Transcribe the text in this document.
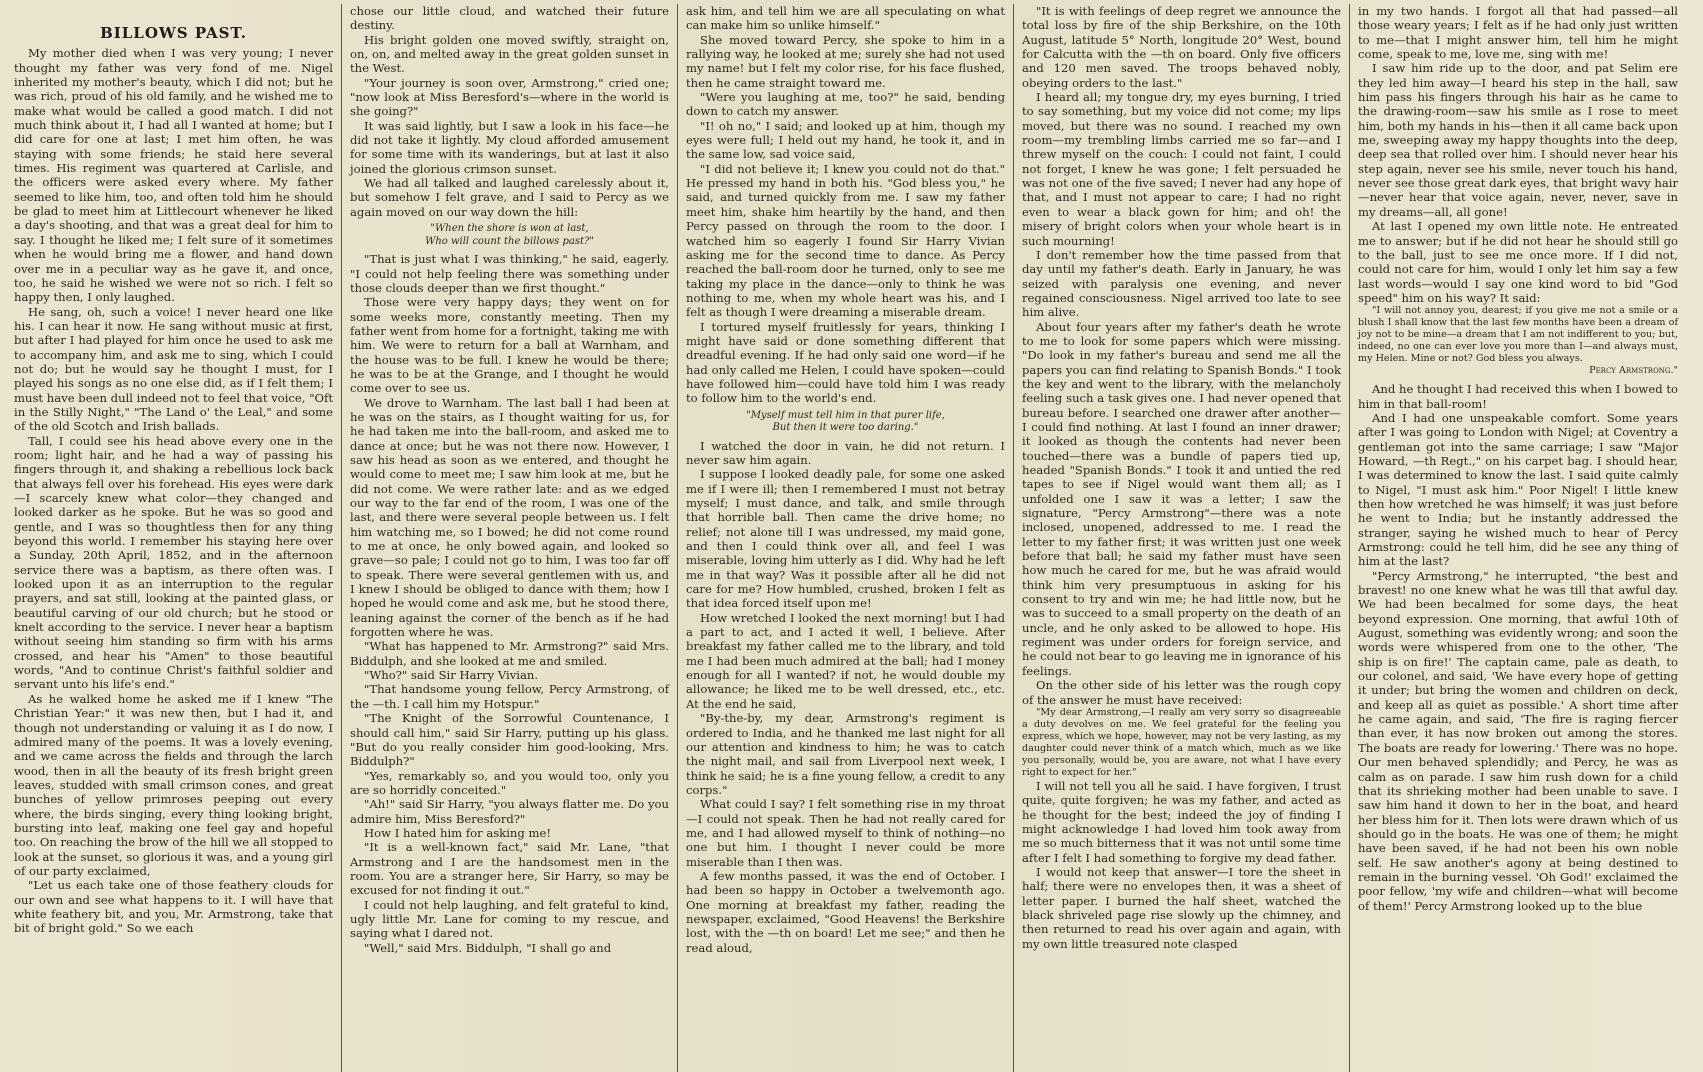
BILLOWS PAST.

My mother died when I was very young; I never thought my father was very fond of me. Nigel inherited my mother's beauty, which I did not; but he was rich, proud of his old family, and he wished me to make what would be called a good match. I did not much think about it, I had all I wanted at home; but I did care for one at last; I met him often, he was staying with some friends; he staid here several times. His regiment was quartered at Carlisle, and the officers were asked every where. My father seemed to like him, too, and often told him he should be glad to meet him at Littlecourt whenever he liked a day's shooting, and that was a great deal for him to say. I thought he liked me; I felt sure of it sometimes when he would bring me a flower, and hand down over me in a peculiar way as he gave it, and once, too, he said he wished we were not so rich. I felt so happy then, I only laughed.

He sang, oh, such a voice! I never heard one like his. I can hear it now. He sang without music at first, but after I had played for him once he used to ask me to accompany him, and ask me to sing, which I could not do; but he would say he thought I must, for I played his songs as no one else did, as if I felt them; I must have been dull indeed not to feel that voice, "Oft in the Stilly Night," "The Land o' the Leal," and some of the old Scotch and Irish ballads.

Tall, I could see his head above every one in the room; light hair, and he had a way of passing his fingers through it, and shaking a rebellious lock back that always fell over his forehead. His eyes were dark—I scarcely knew what color—they changed and looked darker as he spoke. But he was so good and gentle, and I was so thoughtless then for any thing beyond this world. I remember his staying here over a Sunday, 20th April, 1852, and in the afternoon service there was a baptism, as there often was. I looked upon it as an interruption to the regular prayers, and sat still, looking at the painted glass, or beautiful carving of our old church; but he stood or knelt according to the service. I never hear a baptism without seeing him standing so firm with his arms crossed, and hear his "Amen" to those beautiful words, "And to continue Christ's faithful soldier and servant unto his life's end."

As he walked home he asked me if I knew "The Christian Year:" it was new then, but I had it, and though not understanding or valuing it as I do now, I admired many of the poems. It was a lovely evening, and we came across the fields and through the larch wood, then in all the beauty of its fresh bright green leaves, studded with small crimson cones, and great bunches of yellow primroses peeping out every where, the birds singing, every thing looking bright, bursting into leaf, making one feel gay and hopeful too. On reaching the brow of the hill we all stopped to look at the sunset, so glorious it was, and a young girl of our party exclaimed,

"Let us each take one of those feathery clouds for our own and see what happens to it. I will have that white feathery bit, and you, Mr. Armstrong, take that bit of bright gold." So we each

chose our little cloud, and watched their future destiny.

His bright golden one moved swiftly, straight on, on, on, and melted away in the great golden sunset in the West.

"Your journey is soon over, Armstrong," cried one; "now look at Miss Beresford's—where in the world is she going?"

It was said lightly, but I saw a look in his face—he did not take it lightly. My cloud afforded amusement for some time with its wanderings, but at last it also joined the glorious crimson sunset.

We had all talked and laughed carelessly about it, but somehow I felt grave, and I said to Percy as we again moved on our way down the hill:

"When the shore is won at last,
Who will count the billows past?"

"That is just what I was thinking," he said, eagerly. "I could not help feeling there was something under those clouds deeper than we first thought."

Those were very happy days; they went on for some weeks more, constantly meeting. Then my father went from home for a fortnight, taking me with him. We were to return for a ball at Warnham, and the house was to be full. I knew he would be there; he was to be at the Grange, and I thought he would come over to see us.

We drove to Warnham. The last ball I had been at he was on the stairs, as I thought waiting for us, for he had taken me into the ball-room, and asked me to dance at once; but he was not there now. However, I saw his head as soon as we entered, and thought he would come to meet me; I saw him look at me, but he did not come. We were rather late: and as we edged our way to the far end of the room, I was one of the last, and there were several people between us. I felt him watching me, so I bowed; he did not come round to me at once, he only bowed again, and looked so grave—so pale; I could not go to him, I was too far off to speak. There were several gentlemen with us, and I knew I should be obliged to dance with them; how I hoped he would come and ask me, but he stood there, leaning against the corner of the bench as if he had forgotten where he was.

"What has happened to Mr. Armstrong?" said Mrs. Biddulph, and she looked at me and smiled.

"Who?" said Sir Harry Vivian.

"That handsome young fellow, Percy Armstrong, of the —th. I call him my Hotspur."

"The Knight of the Sorrowful Countenance, I should call him," said Sir Harry, putting up his glass. "But do you really consider him good-looking, Mrs. Biddulph?"

"Yes, remarkably so, and you would too, only you are so horridly conceited."

"Ah!" said Sir Harry, "you always flatter me. Do you admire him, Miss Beresford?"

How I hated him for asking me!

"It is a well-known fact," said Mr. Lane, "that Armstrong and I are the handsomest men in the room. You are a stranger here, Sir Harry, so may be excused for not finding it out."

I could not help laughing, and felt grateful to kind, ugly little Mr. Lane for coming to my rescue, and saying what I dared not.

"Well," said Mrs. Biddulph, "I shall go and

ask him, and tell him we are all speculating on what can make him so unlike himself."

She moved toward Percy, she spoke to him in a rallying way, he looked at me; surely she had not used my name! but I felt my color rise, for his face flushed, then he came straight toward me.

"Were you laughing at me, too?" he said, bending down to catch my answer.

"I! oh no," I said; and looked up at him, though my eyes were full; I held out my hand, he took it, and in the same low, sad voice said,

"I did not believe it; I knew you could not do that." He pressed my hand in both his. "God bless you," he said, and turned quickly from me. I saw my father meet him, shake him heartily by the hand, and then Percy passed on through the room to the door. I watched him so eagerly I found Sir Harry Vivian asking me for the second time to dance. As Percy reached the ball-room door he turned, only to see me taking my place in the dance—only to think he was nothing to me, when my whole heart was his, and I felt as though I were dreaming a miserable dream.

I tortured myself fruitlessly for years, thinking I might have said or done something different that dreadful evening. If he had only said one word—if he had only called me Helen, I could have spoken—could have followed him—could have told him I was ready to follow him to the world's end.

"Myself must tell him in that purer life,
But then it were too daring."

I watched the door in vain, he did not return. I never saw him again.

I suppose I looked deadly pale, for some one asked me if I were ill; then I remembered I must not betray myself; I must dance, and talk, and smile through that horrible ball. Then came the drive home; no relief; not alone till I was undressed, my maid gone, and then I could think over all, and feel I was miserable, loving him utterly as I did. Why had he left me in that way? Was it possible after all he did not care for me? How humbled, crushed, broken I felt as that idea forced itself upon me!

How wretched I looked the next morning! but I had a part to act, and I acted it well, I believe. After breakfast my father called me to the library, and told me I had been much admired at the ball; had I money enough for all I wanted? if not, he would double my allowance; he liked me to be well dressed, etc., etc. At the end he said,

"By-the-by, my dear, Armstrong's regiment is ordered to India, and he thanked me last night for all our attention and kindness to him; he was to catch the night mail, and sail from Liverpool next week, I think he said; he is a fine young fellow, a credit to any corps."

What could I say? I felt something rise in my throat—I could not speak. Then he had not really cared for me, and I had allowed myself to think of nothing—no one but him. I thought I never could be more miserable than I then was.

A few months passed, it was the end of October. I had been so happy in October a twelvemonth ago. One morning at breakfast my father, reading the newspaper, exclaimed, "Good Heavens! the Berkshire lost, with the —th on board! Let me see;" and then he read aloud,

"It is with feelings of deep regret we announce the total loss by fire of the ship Berkshire, on the 10th August, latitude 5° North, longitude 20° West, bound for Calcutta with the —th on board. Only five officers and 120 men saved. The troops behaved nobly, obeying orders to the last."

I heard all; my tongue dry, my eyes burning, I tried to say something, but my voice did not come; my lips moved, but there was no sound. I reached my own room—my trembling limbs carried me so far—and I threw myself on the couch: I could not faint, I could not forget, I knew he was gone; I felt persuaded he was not one of the five saved; I never had any hope of that, and I must not appear to care; I had no right even to wear a black gown for him; and oh! the misery of bright colors when your whole heart is in such mourning!

I don't remember how the time passed from that day until my father's death. Early in January, he was seized with paralysis one evening, and never regained consciousness. Nigel arrived too late to see him alive.

About four years after my father's death he wrote to me to look for some papers which were missing. "Do look in my father's bureau and send me all the papers you can find relating to Spanish Bonds." I took the key and went to the library, with the melancholy feeling such a task gives one. I had never opened that bureau before. I searched one drawer after another—I could find nothing. At last I found an inner drawer; it looked as though the contents had never been touched—there was a bundle of papers tied up, headed "Spanish Bonds." I took it and untied the red tapes to see if Nigel would want them all; as I unfolded one I saw it was a letter; I saw the signature, "Percy Armstrong"—there was a note inclosed, unopened, addressed to me. I read the letter to my father first; it was written just one week before that ball; he said my father must have seen how much he cared for me, but he was afraid would think him very presumptuous in asking for his consent to try and win me; he had little now, but he was to succeed to a small property on the death of an uncle, and he only asked to be allowed to hope. His regiment was under orders for foreign service, and he could not bear to go leaving me in ignorance of his feelings.

On the other side of his letter was the rough copy of the answer he must have received:

"My dear Armstrong,—I really am very sorry so disagreeable a duty devolves on me. We feel grateful for the feeling you express, which we hope, however, may not be very lasting, as my daughter could never think of a match which, much as we like you personally, would be, you are aware, not what I have every right to expect for her."

I will not tell you all he said. I have forgiven, I trust quite, quite forgiven; he was my father, and acted as he thought for the best; indeed the joy of finding I might acknowledge I had loved him took away from me so much bitterness that it was not until some time after I felt I had something to forgive my dead father.

I would not keep that answer—I tore the sheet in half; there were no envelopes then, it was a sheet of letter paper. I burned the half sheet, watched the black shriveled page rise slowly up the chimney, and then returned to read his over again and again, with my own little treasured note clasped

in my two hands. I forgot all that had passed—all those weary years; I felt as if he had only just written to me—that I might answer him, tell him he might come, speak to me, love me, sing with me!

I saw him ride up to the door, and pat Selim ere they led him away—I heard his step in the hall, saw him pass his fingers through his hair as he came to the drawing-room—saw his smile as I rose to meet him, both my hands in his—then it all came back upon me, sweeping away my happy thoughts into the deep, deep sea that rolled over him. I should never hear his step again, never see his smile, never touch his hand, never see those great dark eyes, that bright wavy hair—never hear that voice again, never, never, save in my dreams—all, all gone!

At last I opened my own little note. He entreated me to answer; but if he did not hear he should still go to the ball, just to see me once more. If I did not, could not care for him, would I only let him say a few last words—would I say one kind word to bid "God speed" him on his way? It said:

"I will not annoy you, dearest; if you give me not a smile or a blush I shall know that the last few months have been a dream of joy not to be mine—a dream that I am not indifferent to you; but, indeed, no one can ever love you more than I—and always must, my Helen. Mine or not? God bless you always.

Percy Armstrong."

And he thought I had received this when I bowed to him in that ball-room!

And I had one unspeakable comfort. Some years after I was going to London with Nigel; at Coventry a gentleman got into the same carriage; I saw "Major Howard, —th Regt.," on his carpet bag. I should hear, I was determined to know the last. I said quite calmly to Nigel, "I must ask him." Poor Nigel! I little knew then how wretched he was himself; it was just before he went to India; but he instantly addressed the stranger, saying he wished much to hear of Percy Armstrong: could he tell him, did he see any thing of him at the last?

"Percy Armstrong," he interrupted, "the best and bravest! no one knew what he was till that awful day. We had been becalmed for some days, the heat beyond expression. One morning, that awful 10th of August, something was evidently wrong; and soon the words were whispered from one to the other, 'The ship is on fire!' The captain came, pale as death, to our colonel, and said, 'We have every hope of getting it under; but bring the women and children on deck, and keep all as quiet as possible.' A short time after he came again, and said, 'The fire is raging fiercer than ever, it has now broken out among the stores. The boats are ready for lowering.' There was no hope. Our men behaved splendidly; and Percy, he was as calm as on parade. I saw him rush down for a child that its shrieking mother had been unable to save. I saw him hand it down to her in the boat, and heard her bless him for it. Then lots were drawn which of us should go in the boats. He was one of them; he might have been saved, if he had not been his own noble self. He saw another's agony at being destined to remain in the burning vessel. 'Oh God!' exclaimed the poor fellow, 'my wife and children—what will become of them!' Percy Armstrong looked up to the blue
